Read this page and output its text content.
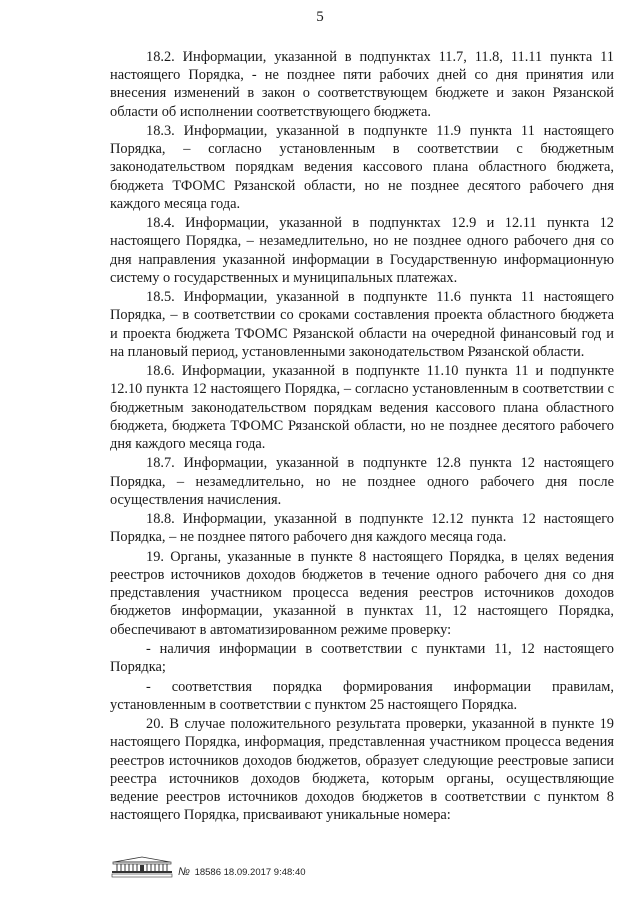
5

18.2. Информации, указанной в подпунктах 11.7, 11.8, 11.11 пункта 11 настоящего Порядка, - не позднее пяти рабочих дней со дня принятия или внесения изменений в закон о соответствующем бюджете и закон Рязанской области об исполнении соответствующего бюджета.

18.3. Информации, указанной в подпункте 11.9 пункта 11 настоящего Порядка, – согласно установленным в соответствии с бюджетным законодательством порядкам ведения кассового плана областного бюджета, бюджета ТФОМС Рязанской области, но не позднее десятого рабочего дня каждого месяца года.

18.4. Информации, указанной в подпунктах 12.9 и 12.11 пункта 12 настоящего Порядка, – незамедлительно, но не позднее одного рабочего дня со дня направления указанной информации в Государственную информационную систему о государственных и муниципальных платежах.

18.5. Информации, указанной в подпункте 11.6 пункта 11 настоящего Порядка, – в соответствии со сроками составления проекта областного бюджета и проекта бюджета ТФОМС Рязанской области на очередной финансовый год и на плановый период, установленными законодательством Рязанской области.

18.6. Информации, указанной в подпункте 11.10 пункта 11 и подпункте 12.10 пункта 12 настоящего Порядка, – согласно установленным в соответствии с бюджетным законодательством порядкам ведения кассового плана областного бюджета, бюджета ТФОМС Рязанской области, но не позднее десятого рабочего дня каждого месяца года.

18.7. Информации, указанной в подпункте 12.8 пункта 12 настоящего Порядка, – незамедлительно, но не позднее одного рабочего дня после осуществления начисления.

18.8. Информации, указанной в подпункте 12.12 пункта 12 настоящего Порядка, – не позднее пятого рабочего дня каждого месяца года.

19. Органы, указанные в пункте 8 настоящего Порядка, в целях ведения реестров источников доходов бюджетов в течение одного рабочего дня со дня представления участником процесса ведения реестров источников доходов бюджетов информации, указанной в пунктах 11, 12 настоящего Порядка, обеспечивают в автоматизированном режиме проверку:

- наличия информации в соответствии с пунктами 11, 12 настоящего Порядка;

- соответствия порядка формирования информации правилам, установленным в соответствии с пунктом 25 настоящего Порядка.

20. В случае положительного результата проверки, указанной в пункте 19 настоящего Порядка, информация, представленная участником процесса ведения реестров источников доходов бюджетов, образует следующие реестровые записи реестра источников доходов бюджета, которым органы, осуществляющие ведение реестров источников доходов бюджетов в соответствии с пунктом 8 настоящего Порядка, присваивают уникальные номера:

№ 18586 18.09.2017 9:48:40
